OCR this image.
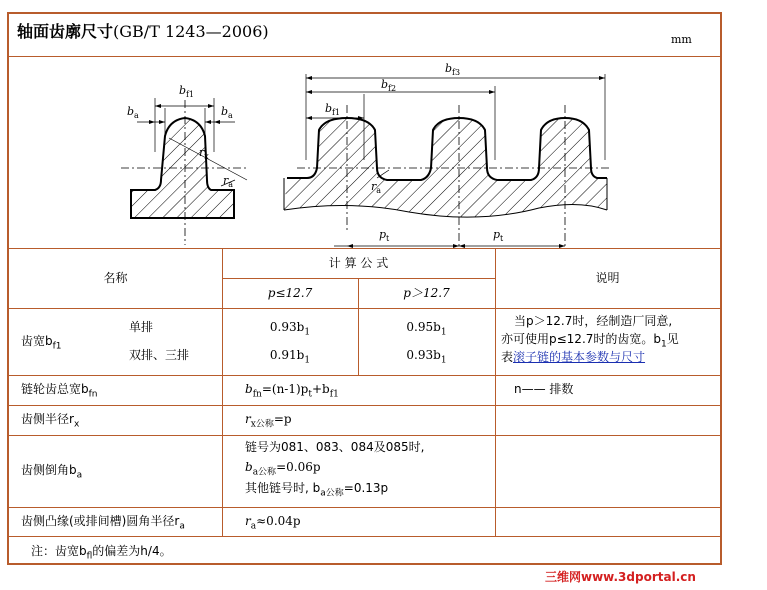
轴面齿廓尺寸(GB/T 1243—2006)	mm
$b_{f1}$
$b_a$	$b_a$
$r_x$
$r_a$
$b_{f3}$
$b_{f2}$
$b_{f1}$
$r_a$
$p_t$	$p_t$
名称
计 算 公 式
p≤12.7	p＞12.7
说明
齿宽$b_{f1}$
单排
双排、三排
$0.93b_1$	$0.95b_1$
$0.91b_1$	$0.93b_1$
当p＞12.7时，经制造厂同意,
亦可使用p≤12.7时的齿宽。$b_1$见
表滚子链的基本参数与尺寸
链轮齿总宽$b_{fn}$	$b_{fn}=(n-1)p_t+b_{f1}$	n—— 排数
齿侧半径$r_x$	$r_{x公称}=p$
齿侧倒角$b_a$
链号为081、083、084及085时,
$b_{a公称}=0.06p$
其他链号时, $b_{a公称}=0.13p$
齿侧凸缘(或排间槽)圆角半径$r_a$	$r_a\approx 0.04p$
注：齿宽$b_{fl}$的偏差为h/4。
三维网www.3dportal.cn
